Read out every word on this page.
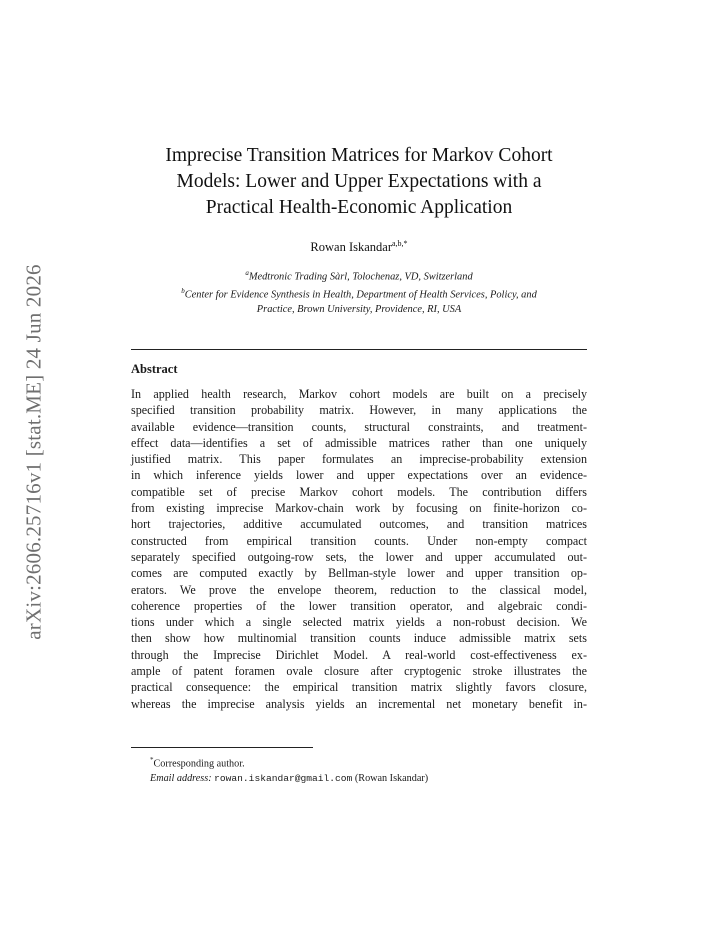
arXiv:2606.25716v1 [stat.ME] 24 Jun 2026
Imprecise Transition Matrices for Markov Cohort
Models: Lower and Upper Expectations with a
Practical Health-Economic Application
Rowan Iskandar$^{a,b,*}$
$^a$Medtronic Trading Sàrl, Tolochenaz, VD, Switzerland
$^b$Center for Evidence Synthesis in Health, Department of Health Services, Policy, and
Practice, Brown University, Providence, RI, USA
Abstract
In applied health research, Markov cohort models are built on a precisely
specified transition probability matrix. However, in many applications the
available evidence—transition counts, structural constraints, and treatment-
effect data—identifies a set of admissible matrices rather than one uniquely
justified matrix. This paper formulates an imprecise-probability extension
in which inference yields lower and upper expectations over an evidence-
compatible set of precise Markov cohort models. The contribution differs
from existing imprecise Markov-chain work by focusing on finite-horizon co-
hort trajectories, additive accumulated outcomes, and transition matrices
constructed from empirical transition counts. Under non-empty compact
separately specified outgoing-row sets, the lower and upper accumulated out-
comes are computed exactly by Bellman-style lower and upper transition op-
erators. We prove the envelope theorem, reduction to the classical model,
coherence properties of the lower transition operator, and algebraic condi-
tions under which a single selected matrix yields a non-robust decision. We
then show how multinomial transition counts induce admissible matrix sets
through the Imprecise Dirichlet Model. A real-world cost-effectiveness ex-
ample of patent foramen ovale closure after cryptogenic stroke illustrates the
practical consequence: the empirical transition matrix slightly favors closure,
whereas the imprecise analysis yields an incremental net monetary benefit in-
*Corresponding author.
Email address: rowan.iskandar@gmail.com (Rowan Iskandar)
